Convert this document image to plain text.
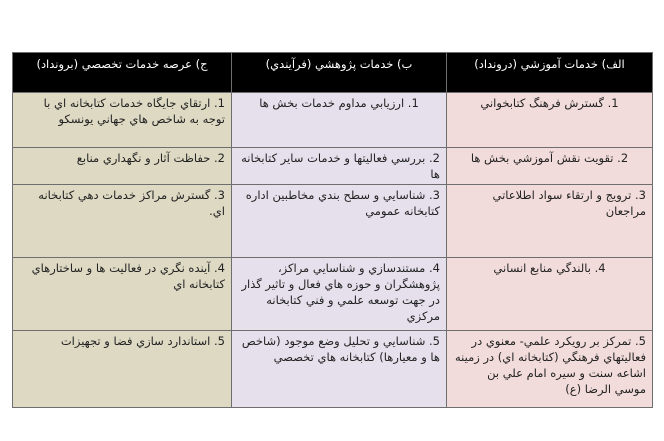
الف) خدمات آموزشي (درونداد)	ب) خدمات پژوهشي (فرآيندي)	ج) عرصه خدمات تخصصي (برونداد)
1. گسترش فرهنگ كتابخواني	1. ارزيابي مداوم خدمات بخش ها	1. ارتقاي جايگاه خدمات كتابخانه اي با توجه به شاخص هاي جهاني يونسكو
2. تقويت نقش آموزشي بخش ها	2. بررسي فعاليتها و خدمات ساير كتابخانه ها	2. حفاظت آثار و نگهداري منابع
3. ترويج و ارتقاء سواد اطلاعاتي مراجعان	3. شناسايي و سطح بندي مخاطبين اداره كتابخانه عمومي	3. گسترش مراكز خدمات دهي كتابخانه اي.
4. بالندگي منابع انساني	4. مستندسازي و شناسايي مراكز، پژوهشگران و حوزه هاي فعال و تاثير گذار در جهت توسعه علمي و فني كتابخانه مركزي	4. آينده نگري در فعاليت ها و ساختارهاي كتابخانه اي
5. تمركز بر رويكرد علمي- معنوي در فعاليتهاي فرهنگي (كتابخانه اي) در زمينه اشاعه سنت و سيره امام علي بن موسي الرضا (ع)	5. شناسايي و تحليل وضع موجود (شاخص ها و معيارها) كتابخانه هاي تخصصي	5. استاندارد سازي فضا و تجهيزات
